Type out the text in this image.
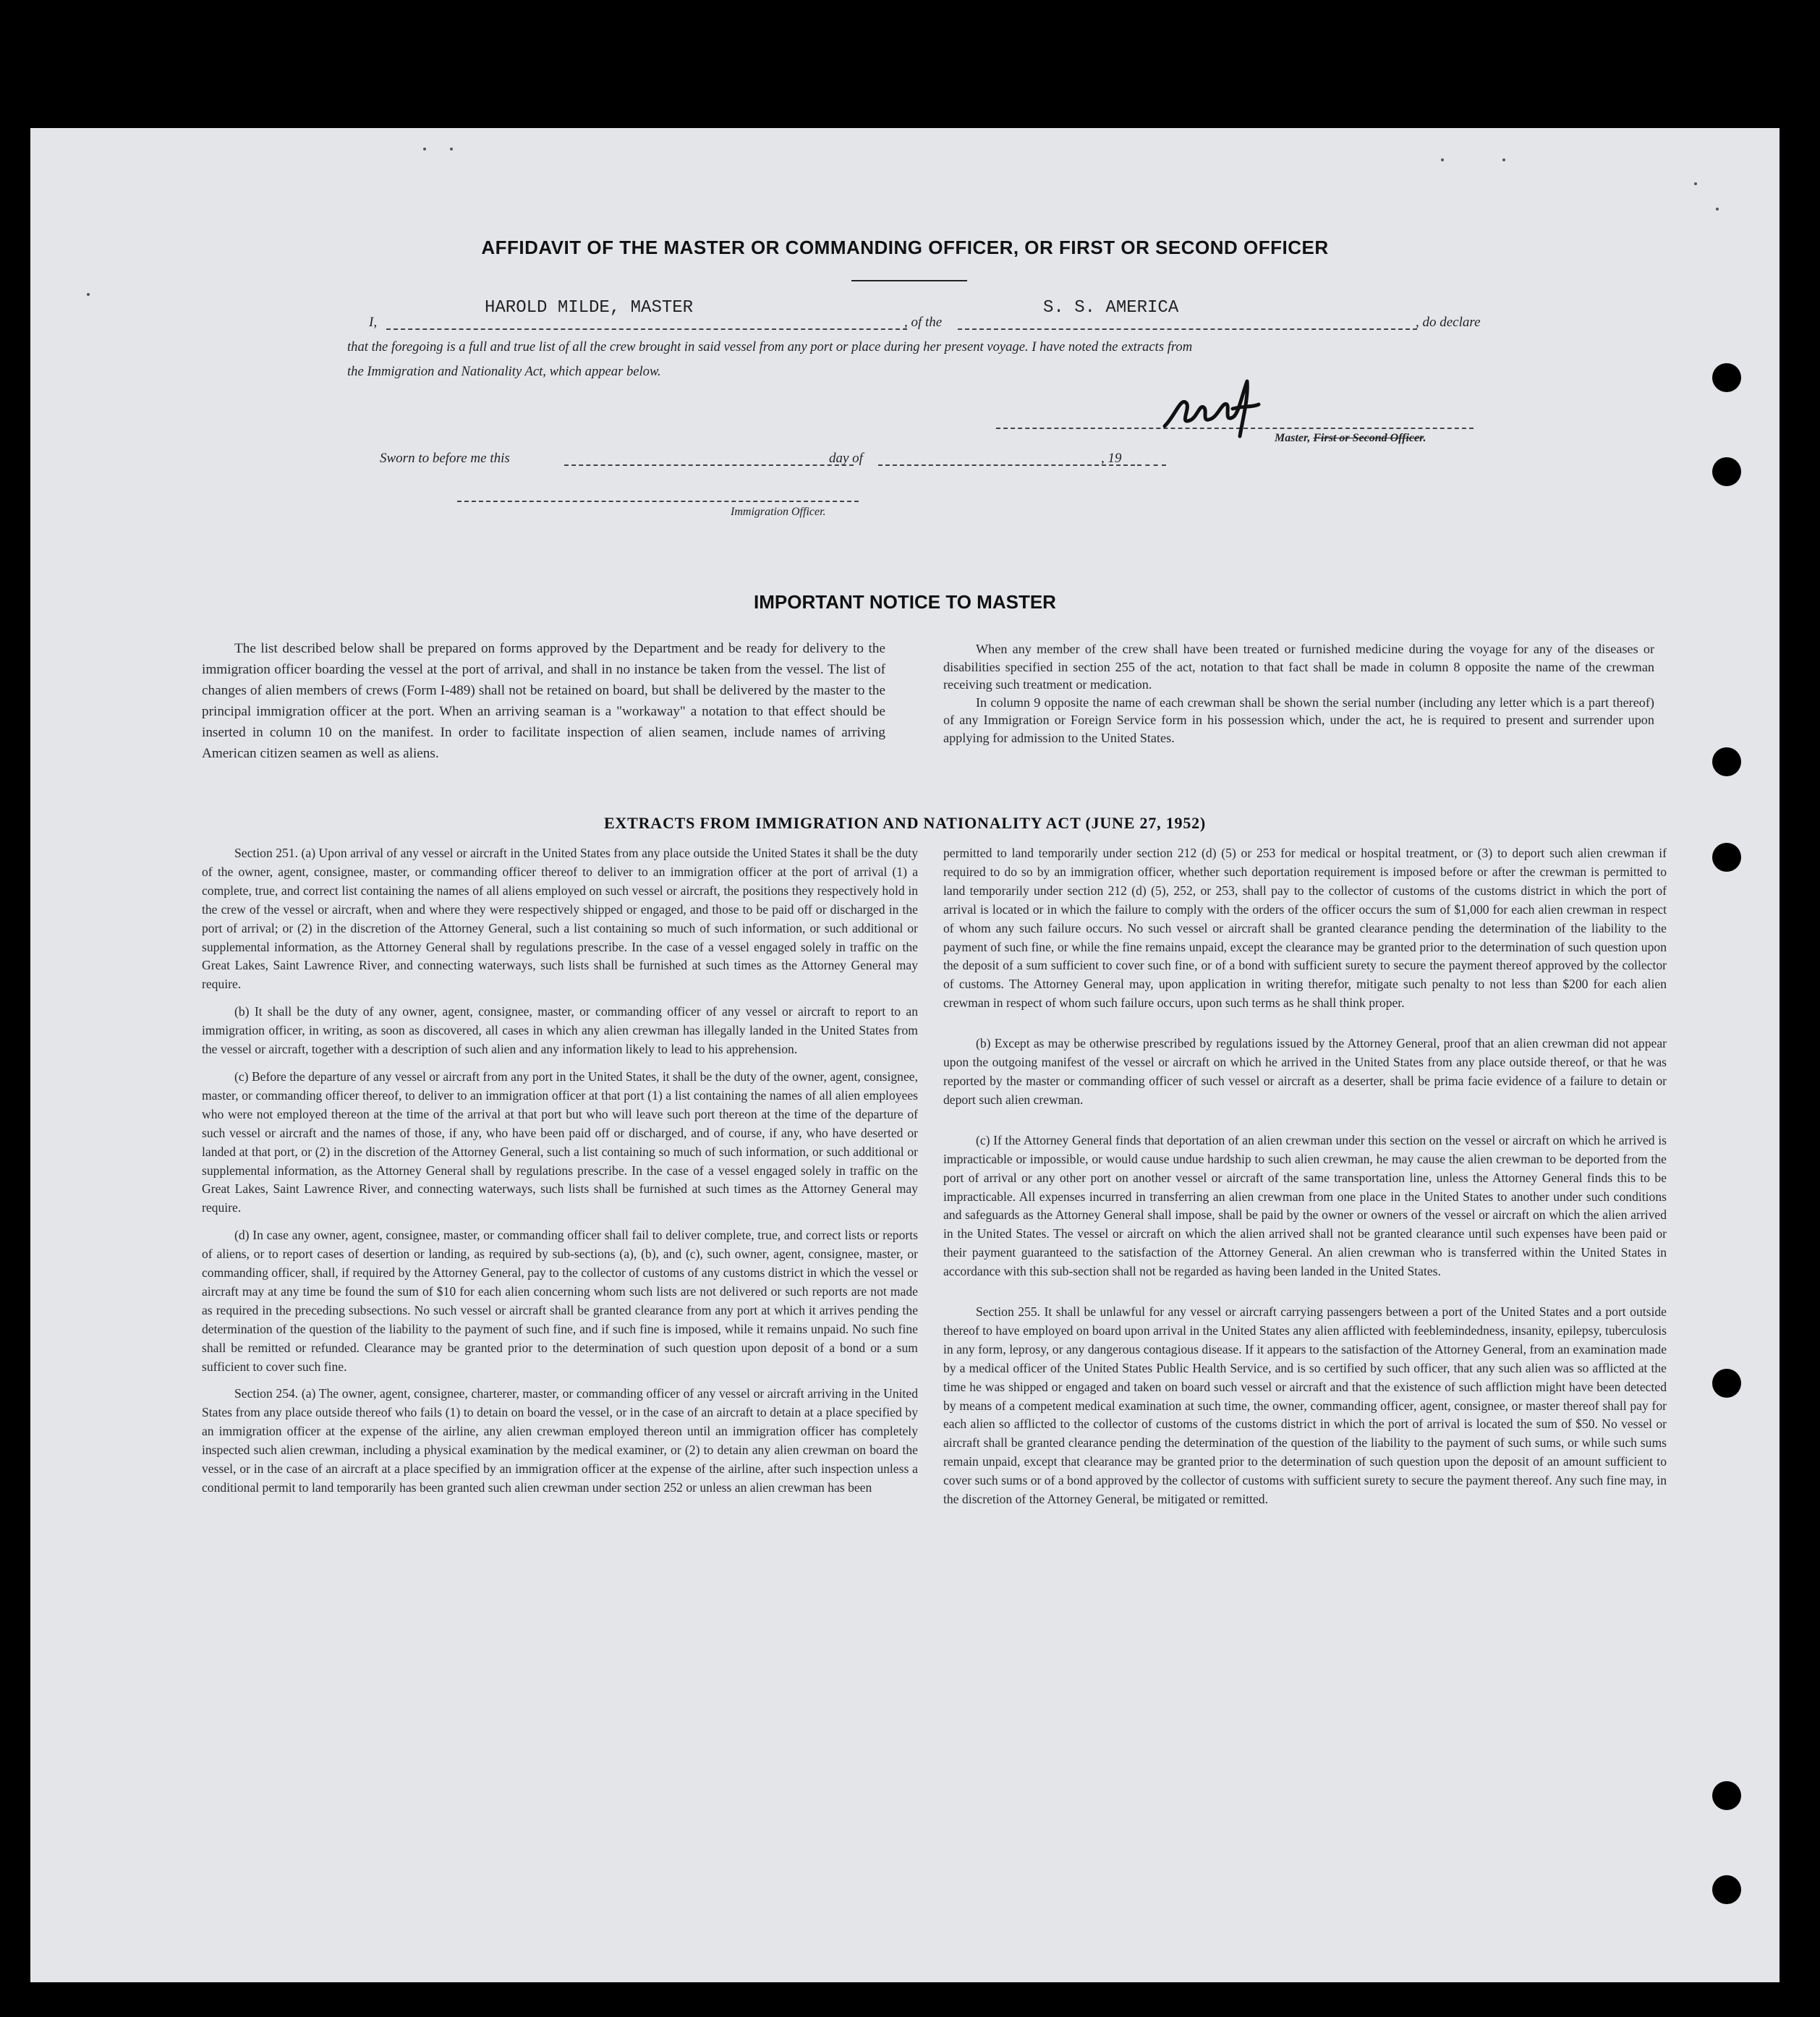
AFFIDAVIT OF THE MASTER OR COMMANDING OFFICER, OR FIRST OR SECOND OFFICER
I,
HAROLD MILDE, MASTER
, of the
S. S. AMERICA
, do declare
that the foregoing is a full and true list of all the crew brought in said vessel from any port or place during her present voyage. I have noted the extracts from
the Immigration and Nationality Act, which appear below.
Master, First or Second Officer.
Sworn to before me this	day of	, 19
Immigration Officer.
IMPORTANT NOTICE TO MASTER

The list described below shall be prepared on forms approved by the Department and be ready for delivery to the immigration officer boarding the vessel at the port of arrival, and shall in no instance be taken from the vessel. The list of changes of alien members of crews (Form I-489) shall not be retained on board, but shall be delivered by the master to the principal immigration officer at the port. When an arriving seaman is a "workaway" a notation to that effect should be inserted in column 10 on the manifest. In order to facilitate inspection of alien seamen, include names of arriving American citizen seamen as well as aliens.

When any member of the crew shall have been treated or furnished medicine during the voyage for any of the diseases or disabilities specified in section 255 of the act, notation to that fact shall be made in column 8 opposite the name of the crewman receiving such treatment or medication.

In column 9 opposite the name of each crewman shall be shown the serial number (including any letter which is a part thereof) of any Immigration or Foreign Service form in his possession which, under the act, he is required to present and surrender upon applying for admission to the United States.

EXTRACTS FROM IMMIGRATION AND NATIONALITY ACT (JUNE 27, 1952)

Section 251. (a) Upon arrival of any vessel or aircraft in the United States from any place outside the United States it shall be the duty of the owner, agent, consignee, master, or commanding officer thereof to deliver to an immigration officer at the port of arrival (1) a complete, true, and correct list containing the names of all aliens employed on such vessel or aircraft, the positions they respectively hold in the crew of the vessel or aircraft, when and where they were respectively shipped or engaged, and those to be paid off or discharged in the port of arrival; or (2) in the discretion of the Attorney General, such a list containing so much of such information, or such additional or supplemental information, as the Attorney General shall by regulations prescribe. In the case of a vessel engaged solely in traffic on the Great Lakes, Saint Lawrence River, and connecting waterways, such lists shall be furnished at such times as the Attorney General may require.

(b) It shall be the duty of any owner, agent, consignee, master, or commanding officer of any vessel or aircraft to report to an immigration officer, in writing, as soon as discovered, all cases in which any alien crewman has illegally landed in the United States from the vessel or aircraft, together with a description of such alien and any information likely to lead to his apprehension.

(c) Before the departure of any vessel or aircraft from any port in the United States, it shall be the duty of the owner, agent, consignee, master, or commanding officer thereof, to deliver to an immigration officer at that port (1) a list containing the names of all alien employees who were not employed thereon at the time of the arrival at that port but who will leave such port thereon at the time of the departure of such vessel or aircraft and the names of those, if any, who have been paid off or discharged, and of course, if any, who have deserted or landed at that port, or (2) in the discretion of the Attorney General, such a list containing so much of such information, or such additional or supplemental information, as the Attorney General shall by regulations prescribe. In the case of a vessel engaged solely in traffic on the Great Lakes, Saint Lawrence River, and connecting waterways, such lists shall be furnished at such times as the Attorney General may require.

(d) In case any owner, agent, consignee, master, or commanding officer shall fail to deliver complete, true, and correct lists or reports of aliens, or to report cases of desertion or landing, as required by sub-sections (a), (b), and (c), such owner, agent, consignee, master, or commanding officer, shall, if required by the Attorney General, pay to the collector of customs of any customs district in which the vessel or aircraft may at any time be found the sum of $10 for each alien concerning whom such lists are not delivered or such reports are not made as required in the preceding subsections. No such vessel or aircraft shall be granted clearance from any port at which it arrives pending the determination of the question of the liability to the payment of such fine, and if such fine is imposed, while it remains unpaid. No such fine shall be remitted or refunded. Clearance may be granted prior to the determination of such question upon deposit of a bond or a sum sufficient to cover such fine.

Section 254. (a) The owner, agent, consignee, charterer, master, or commanding officer of any vessel or aircraft arriving in the United States from any place outside thereof who fails (1) to detain on board the vessel, or in the case of an aircraft to detain at a place specified by an immigration officer at the expense of the airline, any alien crewman employed thereon until an immigration officer has completely inspected such alien crewman, including a physical examination by the medical examiner, or (2) to detain any alien crewman on board the vessel, or in the case of an aircraft at a place specified by an immigration officer at the expense of the airline, after such inspection unless a conditional permit to land temporarily has been granted such alien crewman under section 252 or unless an alien crewman has been

permitted to land temporarily under section 212 (d) (5) or 253 for medical or hospital treatment, or (3) to deport such alien crewman if required to do so by an immigration officer, whether such deportation requirement is imposed before or after the crewman is permitted to land temporarily under section 212 (d) (5), 252, or 253, shall pay to the collector of customs of the customs district in which the port of arrival is located or in which the failure to comply with the orders of the officer occurs the sum of $1,000 for each alien crewman in respect of whom any such failure occurs. No such vessel or aircraft shall be granted clearance pending the determination of the liability to the payment of such fine, or while the fine remains unpaid, except the clearance may be granted prior to the determination of such question upon the deposit of a sum sufficient to cover such fine, or of a bond with sufficient surety to secure the payment thereof approved by the collector of customs. The Attorney General may, upon application in writing therefor, mitigate such penalty to not less than $200 for each alien crewman in respect of whom such failure occurs, upon such terms as he shall think proper.

(b) Except as may be otherwise prescribed by regulations issued by the Attorney General, proof that an alien crewman did not appear upon the outgoing manifest of the vessel or aircraft on which he arrived in the United States from any place outside thereof, or that he was reported by the master or commanding officer of such vessel or aircraft as a deserter, shall be prima facie evidence of a failure to detain or deport such alien crewman.

(c) If the Attorney General finds that deportation of an alien crewman under this section on the vessel or aircraft on which he arrived is impracticable or impossible, or would cause undue hardship to such alien crewman, he may cause the alien crewman to be deported from the port of arrival or any other port on another vessel or aircraft of the same transportation line, unless the Attorney General finds this to be impracticable. All expenses incurred in transferring an alien crewman from one place in the United States to another under such conditions and safeguards as the Attorney General shall impose, shall be paid by the owner or owners of the vessel or aircraft on which the alien arrived in the United States. The vessel or aircraft on which the alien arrived shall not be granted clearance until such expenses have been paid or their payment guaranteed to the satisfaction of the Attorney General. An alien crewman who is transferred within the United States in accordance with this sub-section shall not be regarded as having been landed in the United States.

Section 255. It shall be unlawful for any vessel or aircraft carrying passengers between a port of the United States and a port outside thereof to have employed on board upon arrival in the United States any alien afflicted with feeblemindedness, insanity, epilepsy, tuberculosis in any form, leprosy, or any dangerous contagious disease. If it appears to the satisfaction of the Attorney General, from an examination made by a medical officer of the United States Public Health Service, and is so certified by such officer, that any such alien was so afflicted at the time he was shipped or engaged and taken on board such vessel or aircraft and that the existence of such affliction might have been detected by means of a competent medical examination at such time, the owner, commanding officer, agent, consignee, or master thereof shall pay for each alien so afflicted to the collector of customs of the customs district in which the port of arrival is located the sum of $50. No vessel or aircraft shall be granted clearance pending the determination of the question of the liability to the payment of such sums, or while such sums remain unpaid, except that clearance may be granted prior to the determination of such question upon the deposit of an amount sufficient to cover such sums or of a bond approved by the collector of customs with sufficient surety to secure the payment thereof. Any such fine may, in the discretion of the Attorney General, be mitigated or remitted.
